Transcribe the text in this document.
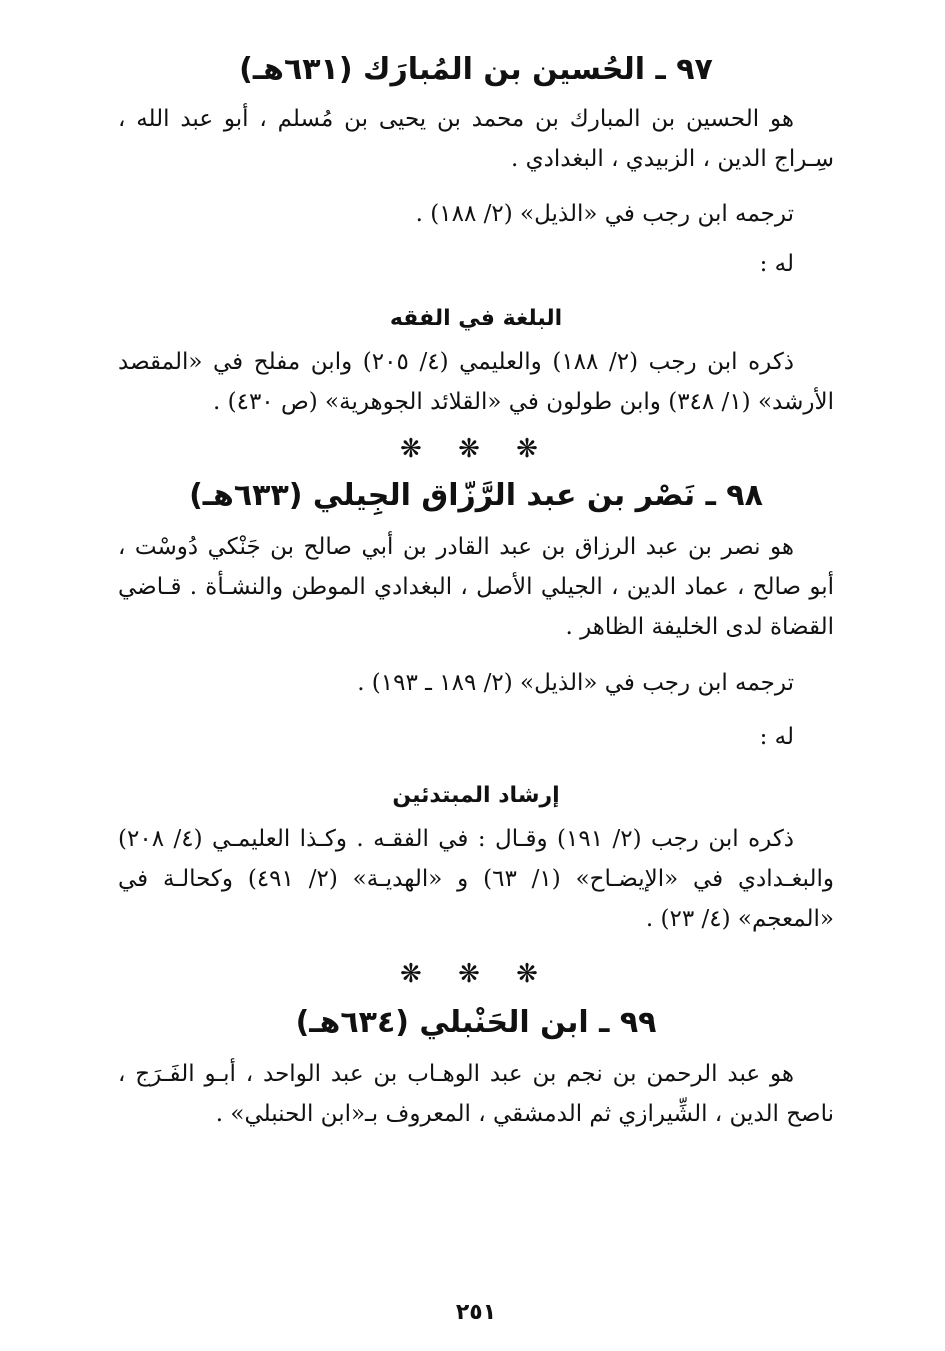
٩٧ ـ الحُسين بن المُبارَك (٦٣١هـ)

هو الحسين بن المبارك بن محمد بن يحيى بن مُسلم ، أبو عبد الله ، سِـراج الدين ، الزبيدي ، البغدادي .

ترجمه ابن رجب في «الذيل» (٢/ ١٨٨) .

له :

البلغة في الفقه

ذكره ابن رجب (٢/ ١٨٨) والعليمي (٤/ ٢٠٥) وابن مفلح في «المقصد الأرشد» (١/ ٣٤٨) وابن طولون في «القلائد الجوهرية» (ص ٤٣٠) .

❋ ❋ ❋

٩٨ ـ نَصْر بن عبد الرَّزّاق الجِيلي (٦٣٣هـ)

هو نصر بن عبد الرزاق بن عبد القادر بن أبي صالح بن جَنْكي دُوسْت ، أبو صالح ، عماد الدين ، الجيلي الأصل ، البغدادي الموطن والنشـأة . قـاضي القضاة لدى الخليفة الظاهر .

ترجمه ابن رجب في «الذيل» (٢/ ١٨٩ ـ ١٩٣) .

له :

إرشاد المبتدئين

ذكره ابن رجب (٢/ ١٩١) وقـال : في الفقـه . وكـذا العليمـي (٤/ ٢٠٨) والبغـدادي في «الإيضـاح» (١/ ٦٣) و «الهديـة» (٢/ ٤٩١) وكحالـة في «المعجم» (٤/ ٢٣) .

❋ ❋ ❋

٩٩ ـ ابن الحَنْبلي (٦٣٤هـ)

هو عبد الرحمن بن نجم بن عبد الوهـاب بن عبد الواحد ، أبـو الفَـرَج ، ناصح الدين ، الشِّيرازي ثم الدمشقي ، المعروف بـ«ابن الحنبلي» .

٢٥١
